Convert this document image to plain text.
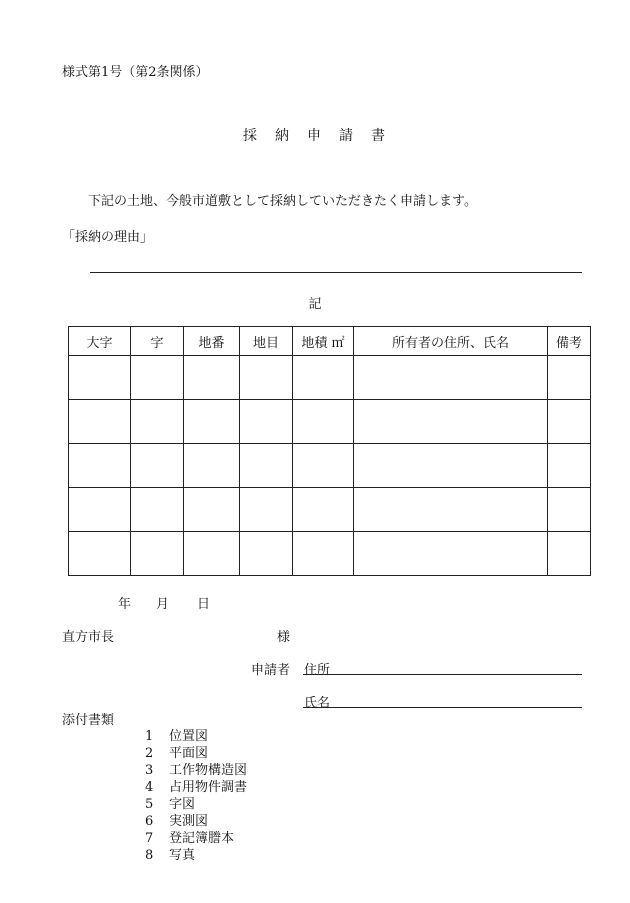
様式第1号（第2条関係）
採　納　申　請　書
下記の土地、今般市道敷として採納していただきたく申請します。
「採納の理由」
記
大字	字	地番	地目	地積 ㎡	所有者の住所、氏名	備考

年 月 日
直方市長	様
申請者 住所
氏名
添付書類
1 位置図
2 平面図
3 工作物構造図
4 占用物件調書
5 字図
6 実測図
7 登記簿謄本
8 写真
